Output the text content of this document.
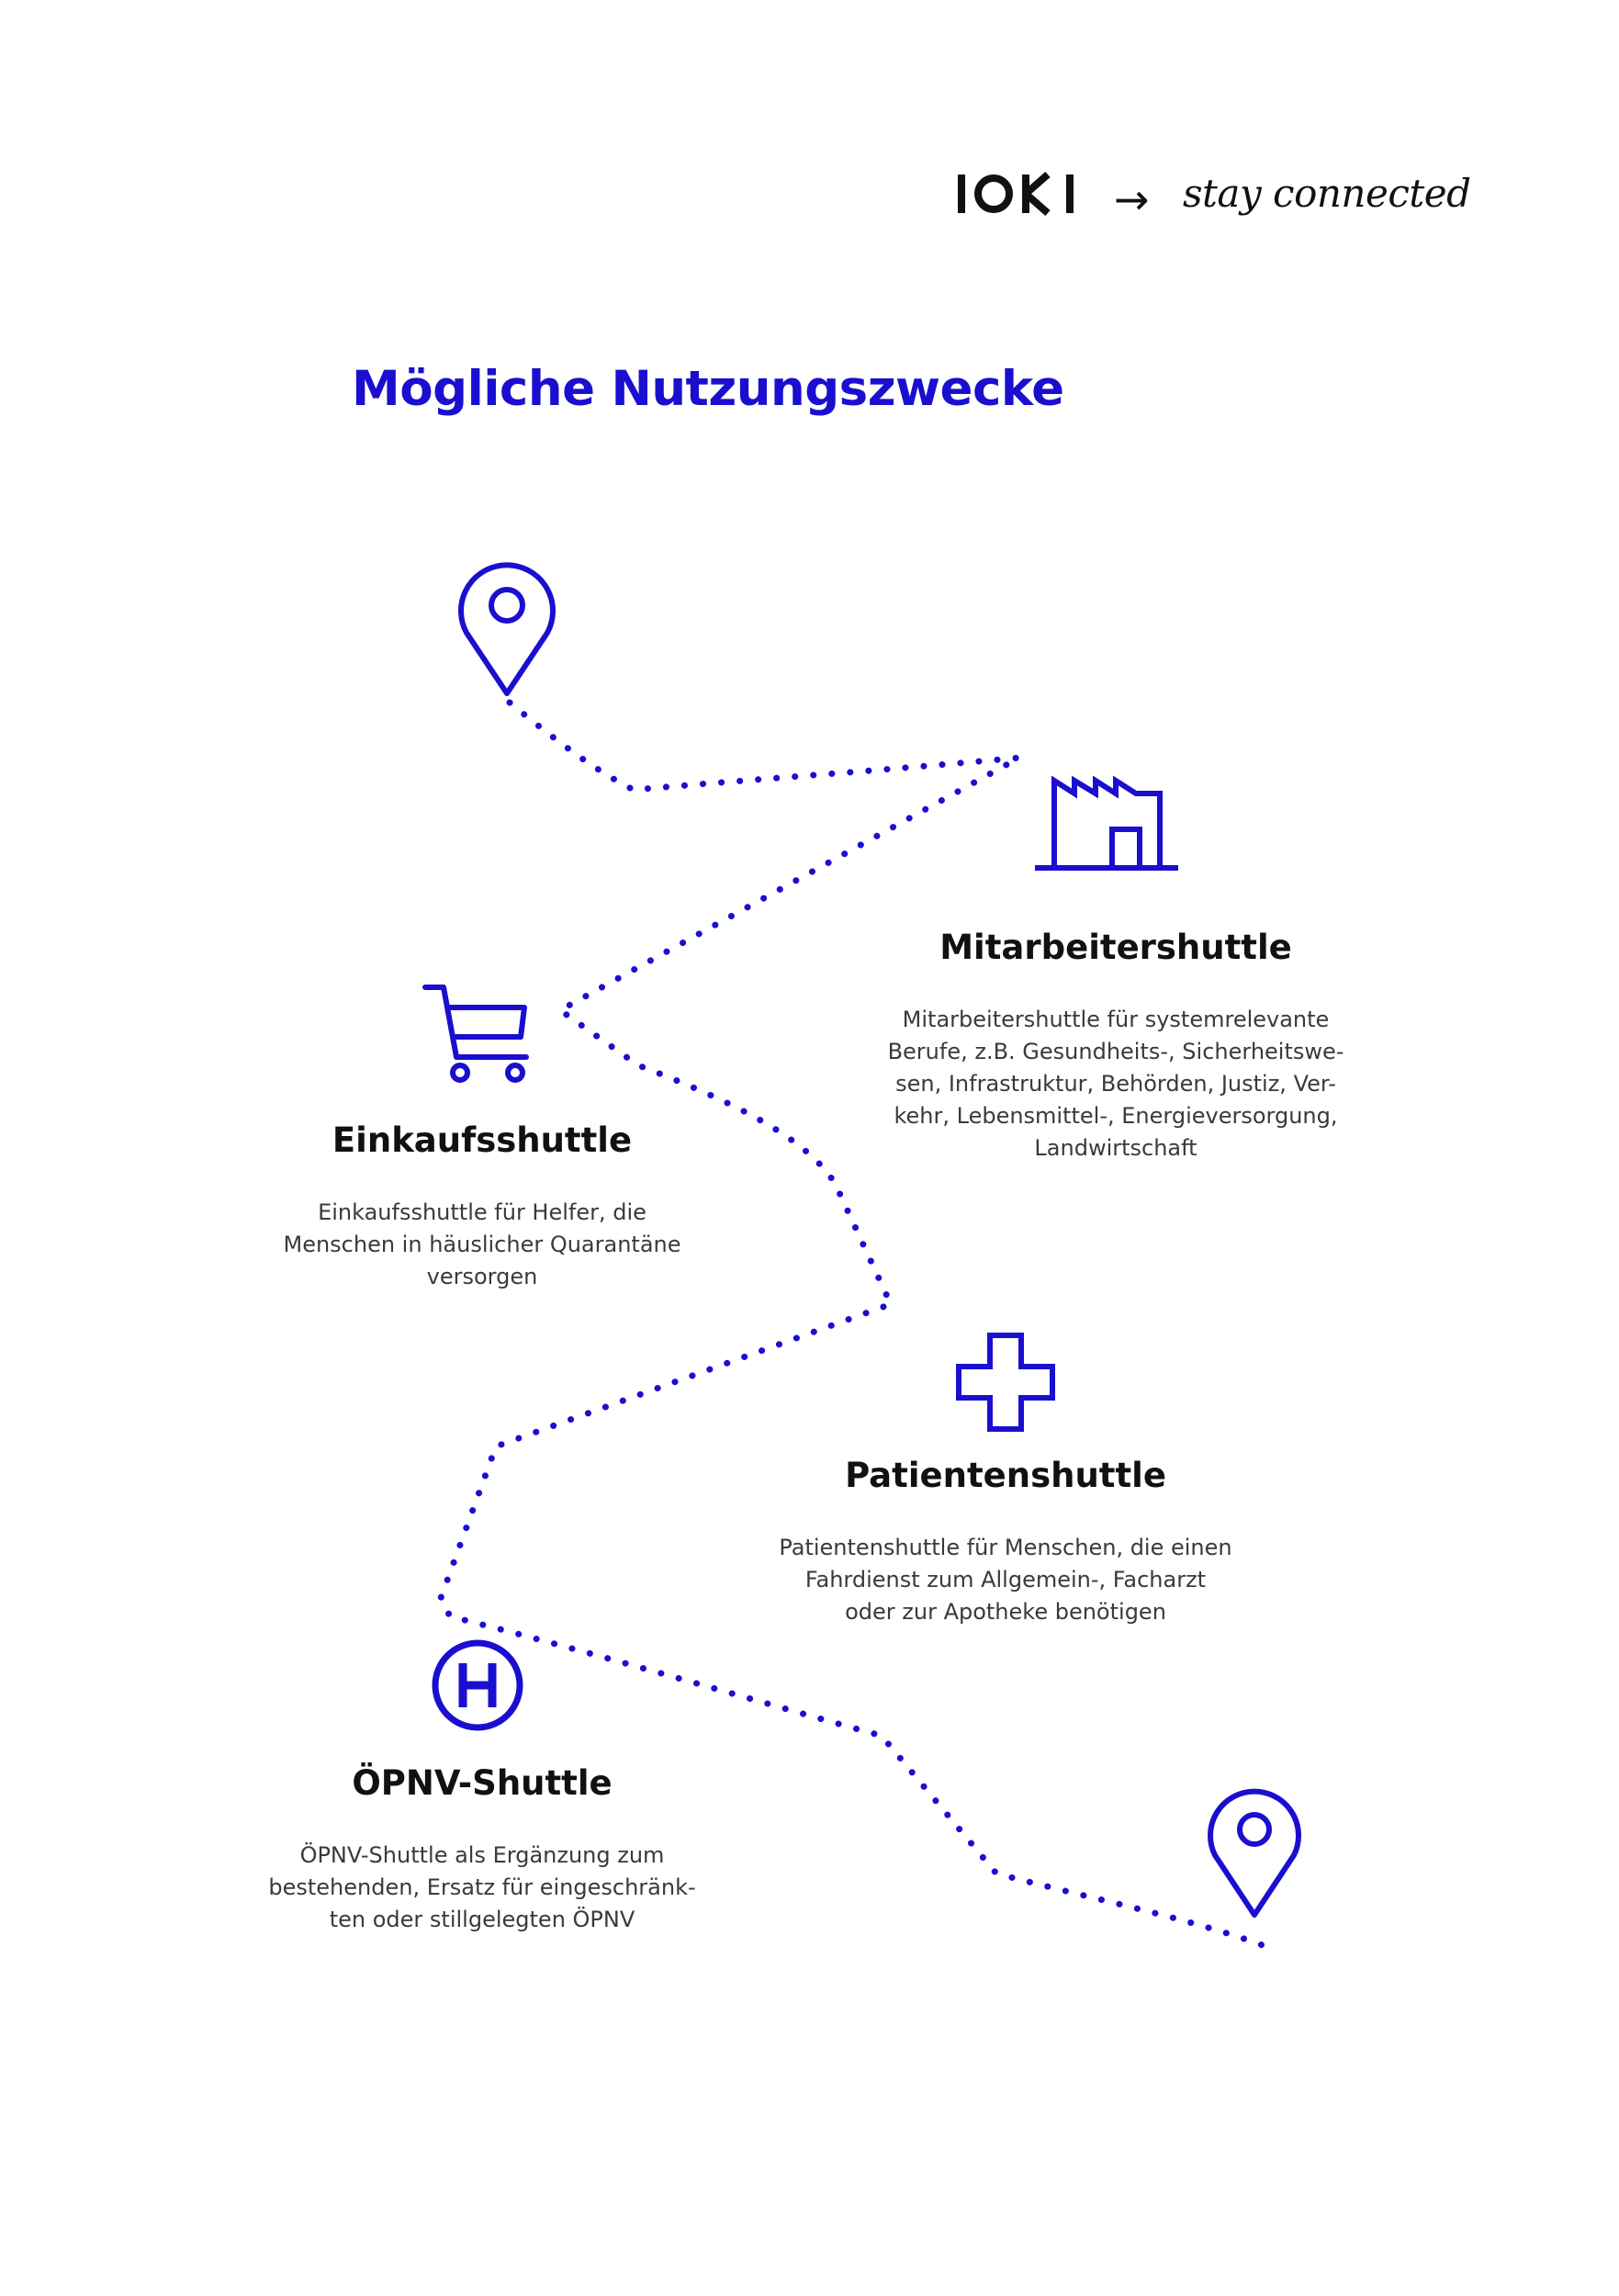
→ stay connected
Mögliche Nutzungszwecke
Mitarbeitershuttle

Mitarbeitershuttle für systemrelevante
Berufe, z.B. Gesundheits-, Sicherheitswe-
sen, Infrastruktur, Behörden, Justiz, Ver-
kehr, Lebensmittel-, Energieversorgung,
Landwirtschaft

Einkaufsshuttle

Einkaufsshuttle für Helfer, die
Menschen in häuslicher Quarantäne
versorgen

Patientenshuttle

Patientenshuttle für Menschen, die einen
Fahrdienst zum Allgemein-, Facharzt
oder zur Apotheke benötigen

ÖPNV-Shuttle

ÖPNV-Shuttle als Ergänzung zum
bestehenden, Ersatz für eingeschränk-
ten oder stillgelegten ÖPNV
